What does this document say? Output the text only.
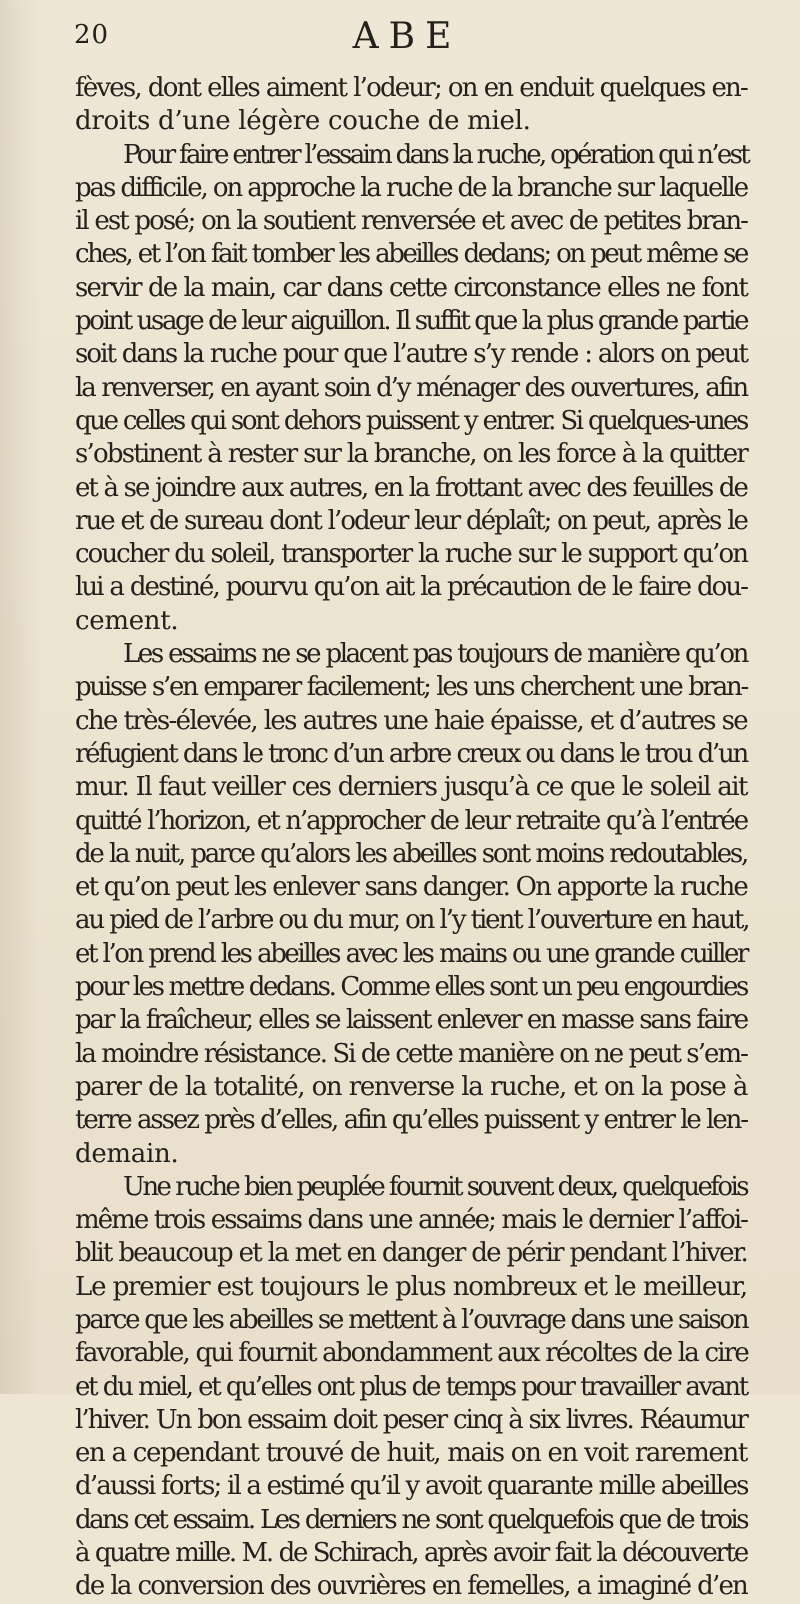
20	ABE
fèves, dont elles aiment l’odeur; on en enduit quelques en-
droits d’une légère couche de miel.
Pour faire entrer l’essaim dans la ruche, opération qui n’est
pas difficile, on approche la ruche de la branche sur laquelle
il est posé; on la soutient renversée et avec de petites bran-
ches, et l’on fait tomber les abeilles dedans; on peut même se
servir de la main, car dans cette circonstance elles ne font
point usage de leur aiguillon. Il suffit que la plus grande partie
soit dans la ruche pour que l’autre s’y rende : alors on peut
la renverser, en ayant soin d’y ménager des ouvertures, afin
que celles qui sont dehors puissent y entrer. Si quelques-unes
s’obstinent à rester sur la branche, on les force à la quitter
et à se joindre aux autres, en la frottant avec des feuilles de
rue et de sureau dont l’odeur leur déplaît; on peut, après le
coucher du soleil, transporter la ruche sur le support qu’on
lui a destiné, pourvu qu’on ait la précaution de le faire dou-
cement.
Les essaims ne se placent pas toujours de manière qu’on
puisse s’en emparer facilement; les uns cherchent une bran-
che très-élevée, les autres une haie épaisse, et d’autres se
réfugient dans le tronc d’un arbre creux ou dans le trou d’un
mur. Il faut veiller ces derniers jusqu’à ce que le soleil ait
quitté l’horizon, et n’approcher de leur retraite qu’à l’entrée
de la nuit, parce qu’alors les abeilles sont moins redoutables,
et qu’on peut les enlever sans danger. On apporte la ruche
au pied de l’arbre ou du mur, on l’y tient l’ouverture en haut,
et l’on prend les abeilles avec les mains ou une grande cuiller
pour les mettre dedans. Comme elles sont un peu engourdies
par la fraîcheur, elles se laissent enlever en masse sans faire
la moindre résistance. Si de cette manière on ne peut s’em-
parer de la totalité, on renverse la ruche, et on la pose à
terre assez près d’elles, afin qu’elles puissent y entrer le len-
demain.
Une ruche bien peuplée fournit souvent deux, quelquefois
même trois essaims dans une année; mais le dernier l’affoi-
blit beaucoup et la met en danger de périr pendant l’hiver.
Le premier est toujours le plus nombreux et le meilleur,
parce que les abeilles se mettent à l’ouvrage dans une saison
favorable, qui fournit abondamment aux récoltes de la cire
et du miel, et qu’elles ont plus de temps pour travailler avant
l’hiver. Un bon essaim doit peser cinq à six livres. Réaumur
en a cependant trouvé de huit, mais on en voit rarement
d’aussi forts; il a estimé qu’il y avoit quarante mille abeilles
dans cet essaim. Les derniers ne sont quelquefois que de trois
à quatre mille. M. de Schirach, après avoir fait la découverte
de la conversion des ouvrières en femelles, a imaginé d’en
